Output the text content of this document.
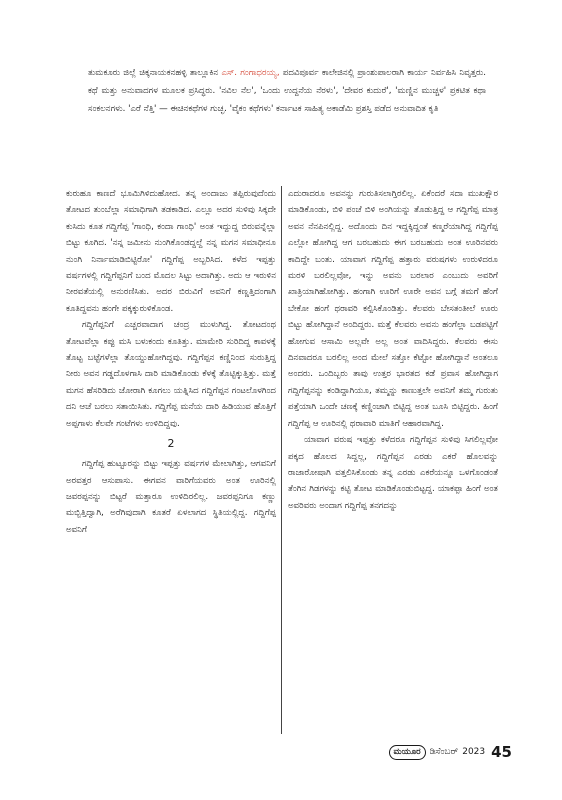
ತುಮಕೂರು ಜಿಲ್ಲೆ ಚಿಕ್ಕನಾಯಕನಹಳ್ಳಿ ತಾಲ್ಲೂಕಿನ ಎಸ್. ಗಂಗಾಧರಯ್ಯ, ಪದವಿಪೂರ್ವ ಕಾಲೇಜಿನಲ್ಲಿ ಪ್ರಾಂಶುಪಾಲರಾಗಿ ಕಾರ್ಯ ನಿರ್ವಹಿಸಿ ನಿವೃತ್ತರು. ಕಥೆ ಮತ್ತು ಅನುವಾದಗಳ ಮೂಲಕ ಪ್ರಸಿದ್ಧರು. 'ನವಿಲ ನೆಲ', 'ಒಂದು ಉದ್ದನೆಯ ನೆರಳು', 'ದೇವರ ಕುದುರೆ', 'ಮಣ್ಣಿನ ಮುಚ್ಚಳ' ಪ್ರಕಟಿತ ಕಥಾ ಸಂಕಲನಗಳು. 'ಎರೆ ನೆತ್ತಿ' — ಈಚಿನಕಥೆಗಳ ಗುಚ್ಛ. 'ವೈಕಂ ಕಥೆಗಳು' ಕರ್ನಾಟಕ ಸಾಹಿತ್ಯ ಅಕಾಡೆಮಿ ಪ್ರಶಸ್ತಿ ಪಡೆದ ಅನುವಾದಿತ ಕೃತಿ

ಕುರುಹೂ ಕಾಣದೆ ಭೂಮಿಗಿಳಿದುಹೋದ. ತನ್ನ ಅಂದಾಜು ತಪ್ಪಿರುವುದೆಂದು ತೋಟದ ತುಂಬೆಲ್ಲಾ ಸಮಾಧಿಗಾಗಿ ತಡಕಾಡಿದ. ಎಲ್ಲೂ ಅದರ ಸುಳಿವು ಸಿಕ್ಕದೇ ಕುಸಿದು ಕೂತ ಗದ್ದಿಗೆಪ್ಪ 'ಗಾಂಧಿ, ಕಂದಾ ಗಾಂಧಿ' ಅಂತ ಇದ್ದುದ್ದ ಬಿರುವನ್ನೆಲ್ಲಾ ಬಿಟ್ಟು ಕೂಗಿದ. 'ನನ್ನ ಜಮೀನು ನುಂಗಿಕೊಂಡದ್ದಲ್ದೆ ನನ್ನ ಮಗನ ಸಮಾಧೀನೂ ನುಂಗಿ ನಿರ್ನಾಮಾಡಿಬಿಟ್ಟಿರೋ' ಗದ್ದಿಗೆಪ್ಪ ಅಬ್ಬರಿಸಿದ. ಕಳೆದ ಇಪ್ಪತ್ತು ವರ್ಷಗಳಲ್ಲಿ ಗದ್ದಿಗೆಪ್ಪನಿಗೆ ಬಂದ ಮೊದಲ ಸಿಟ್ಟು ಅದಾಗಿತ್ತು. ಅದು ಆ ಇರುಳಿನ ನೀರವತೆಯಲ್ಲಿ ಅನುರಣಿಸಿತು. ಅದರ ಬಿರುವಿಗೆ ಅವನಿಗೆ ಕಣ್ಣತ್ತಿದಂಗಾಗಿ ಕೂತಿದ್ದವನು ಹಂಗೇ ಪಕ್ಕಕ್ಕುರುಳಿಕೊಂಡ.

ಗದ್ದಿಗೆಪ್ಪನಿಗೆ ಎಚ್ಚರವಾದಾಗ ಚಂದ್ರ ಮುಳುಗಿದ್ದ. ತೋಟದಂಥ ತೋಟವೆಲ್ಲಾ ಕಪ್ಪು ಮಸಿ ಬಳುಕಂದು ಕೂತಿತ್ತು. ಮಾಮೇರಿ ಸುರಿದಿದ್ದ ಕಾವಳಕ್ಕೆ ತೊಟ್ಟ ಬಟ್ಟೆಗಳೆಲ್ಲಾ ತೊಯ್ದುಹೋಗಿದ್ದವು. ಗದ್ದಿಗೆಪ್ಪನ ಕಣ್ಣಿನಿಂದ ಸುರುತ್ತಿದ್ದ ನೀರು ಅವನ ಗಡ್ಡದೊಳಗಾಸಿ ದಾರಿ ಮಾಡಿಕೊಂಡು ಕೆಳಕ್ಕೆ ತೊಟ್ಟಿಕ್ಕುತ್ತಿತ್ತು. ಮತ್ತೆ ಮಗನ ಹೆಸರಿಡಿದು ಜೋರಾಗಿ ಕೂಗಲು ಯತ್ನಿಸಿದ ಗದ್ದಿಗೆಪ್ಪನ ಗಂಟಲೊಳಗಿಂದ ದನಿ ಆಚೆ ಬರಲು ಸತಾಯಿಸಿತು. ಗದ್ದಿಗೆಪ್ಪ ಮನೆಯ ದಾರಿ ಹಿಡಿಯುವ ಹೊತ್ತಿಗೆ ಅಪ್ಪಗಾಳು ಕೆಲವೇ ಗಂಟೆಗಳು ಉಳಿದಿದ್ದವು.

2

ಗದ್ದಿಗೆಪ್ಪ ಹುಟ್ಟೂರನ್ನು ಬಿಟ್ಟು ಇಪ್ಪತ್ತು ವರ್ಷಗಳ ಮೇಲಾಗಿತ್ತು, ಆಗವನಿಗೆ ಅರವತ್ತರ ಆಸುಪಾಸು. ಈಗವನ ವಾರಿಗೆಯವರು ಅಂತ ಊರಿನಲ್ಲಿ ಜವರಪ್ಪನನ್ನು ಬಿಟ್ಟರೆ ಮತ್ತಾರೂ ಉಳಿದಿರಲಿಲ್ಲ. ಜವರಪ್ಪನಿಗೂ ಕಣ್ಣು ಮಬ್ಬಿತ್ತಿದ್ವಾಗಿ, ಅರೆಗಿವುದಾಗಿ ಕೂತರೆ ಏಳಲಾಗದ ಸ್ಥಿತಿಯಲ್ಲಿದ್ದ. ಗದ್ದಿಗೆಪ್ಪ ಅವನಿಗೆ

ಎದುರಾದರೂ ಅವನನ್ನು ಗುರುತಿಸಲಾಗ್ತಿರಲಿಲ್ಲ. ಏಕೆಂದರೆ ಸದಾ ಮುಖಕ್ಷೌರ ಮಾಡಿಕೊಂಡು, ಬಿಳಿ ಪಂಚೆ ಬಿಳಿ ಅಂಗಿಯನ್ನು ತೊಡುತ್ತಿದ್ದ ಆ ಗದ್ದಿಗೆಪ್ಪ ಮಾತ್ರ ಅವನ ನೆನಪಿನಲ್ಲಿದ್ದ. ಅದೊಂದು ದಿನ ಇದ್ದಕ್ಕಿದ್ದಂತೆ ಕಣ್ಮರೆಯಾಗಿದ್ದ ಗದ್ದಿಗೆಪ್ಪ ಎಲ್ಲೋ ಹೋಗಿದ್ದ ಆಗ ಬರಬಹುದು ಈಗ ಬರಬಹುದು ಅಂತ ಊರಿನವರು ಕಾದಿದ್ದೇ ಬಂತು. ಯಾವಾಗ ಗದ್ದಿಗೆಪ್ಪ ಹತ್ತಾರು ವರುಷಗಳು ಉರುಳಿದರೂ ಮರಳಿ ಬರಲಿಲ್ಲವೋ, ಇನ್ನು ಅವನು ಬರಲಾರ ಎಂಬುದು ಅವರಿಗೆ ಖಾತ್ರಿಯಾಗಿಹೋಗಿತ್ತು. ಹಂಗಾಗಿ ಊರಿಗೆ ಊರೇ ಅವನ ಬಗ್ಗೆ ತಮಗೆ ಹೆಂಗೆ ಬೇಕೋ ಹಂಗೆ ಥರಾವರಿ ಕಲ್ಪಿಸಿಕೊಂಡಿತ್ತು. ಕೆಲವರು ಬೇಸತಂತೀಲೆ ಊರು ಬಿಟ್ಟು ಹೋಗಿದ್ದಾನೆ ಅಂದಿದ್ದರು. ಮತ್ತೆ ಕೆಲವರು ಅವನು ಹಂಗೆಲ್ಲಾ ಬಡಪಟ್ಟಿಗೆ ಹೋಗುವ ಆಸಾಮಿ ಅಲ್ಲವೇ ಅಲ್ಲ ಅಂತ ವಾದಿಸಿದ್ದರು. ಕೆಲವರು ಈಸು ದಿನವಾದರೂ ಬರಲಿಲ್ಲ ಅಂದ ಮೇಲೆ ಸತ್ತೋ ಕೆಟ್ಟೋ ಹೋಗಿದ್ದಾನೆ ಅಂತಲೂ ಅಂದರು. ಒಂದಿಬ್ಬರು ತಾವು ಉತ್ತರ ಭಾರತದ ಕಡೆ ಪ್ರವಾಸ ಹೋಗಿದ್ದಾಗ ಗದ್ದಿಗೆಪ್ಪನನ್ನು ಕಂಡಿದ್ದಾಗಿಯೂ, ತಮ್ಮನ್ನು ಕಾಣುತ್ತಲೇ ಅವನಿಗೆ ತಮ್ಮ ಗುರುತು ಪತ್ತೆಯಾಗಿ ಒಂದೇ ಚಣಕ್ಕೆ ಕಣ್ಣಿಂಚಾಗಿ ಬಿಟ್ಟಿದ್ದ ಅಂತ ಬೂಸಿ ಬಿಟ್ಟಿದ್ದರು. ಹಿಂಗೆ ಗದ್ದಿಗೆಪ್ಪ ಆ ಊರಿನಲ್ಲಿ ಥರಾವಾರಿ ಮಾತಿಗೆ ಆಹಾರವಾಗಿದ್ದ.

ಯಾವಾಗ ವರುಷ ಇಪ್ಪತ್ತು ಕಳೆದರೂ ಗದ್ದಿಗೆಪ್ಪನ ಸುಳಿವು ಸಿಗಲಿಲ್ಲವೋ ಪಕ್ಕದ ಹೊಲದ ಸಿದ್ದಲ್ಲ, ಗದ್ದಿಗೆಪ್ಪನ ಎರಡು ಎಕರೆ ಹೊಲವನ್ನು ರಾಜಾರೋಷಾಗಿ ವತ್ತಲಿಸಿಕೊಂಡು ತನ್ನ ಎರಡು ಎಕರೆಯನ್ನೂ ಒಳಗೊಂಡಂತೆ ತೆಂಗಿನ ಗಿಡಗಳನ್ನು ಕಟ್ಟಿ ತೋಟ ಮಾಡಿಕೊಂಡುಬಿಟ್ಟದ್ದ. ಯಾಕಪ್ಪಾ ಹಿಂಗೆ ಅಂತ ಅವರಿವರು ಅಂದಾಗ ಗದ್ದಿಗೆಪ್ಪ ತನಗದನ್ನು

ಮಯೂರ	ಡಿಸೆಂಬರ್ 2023 45
